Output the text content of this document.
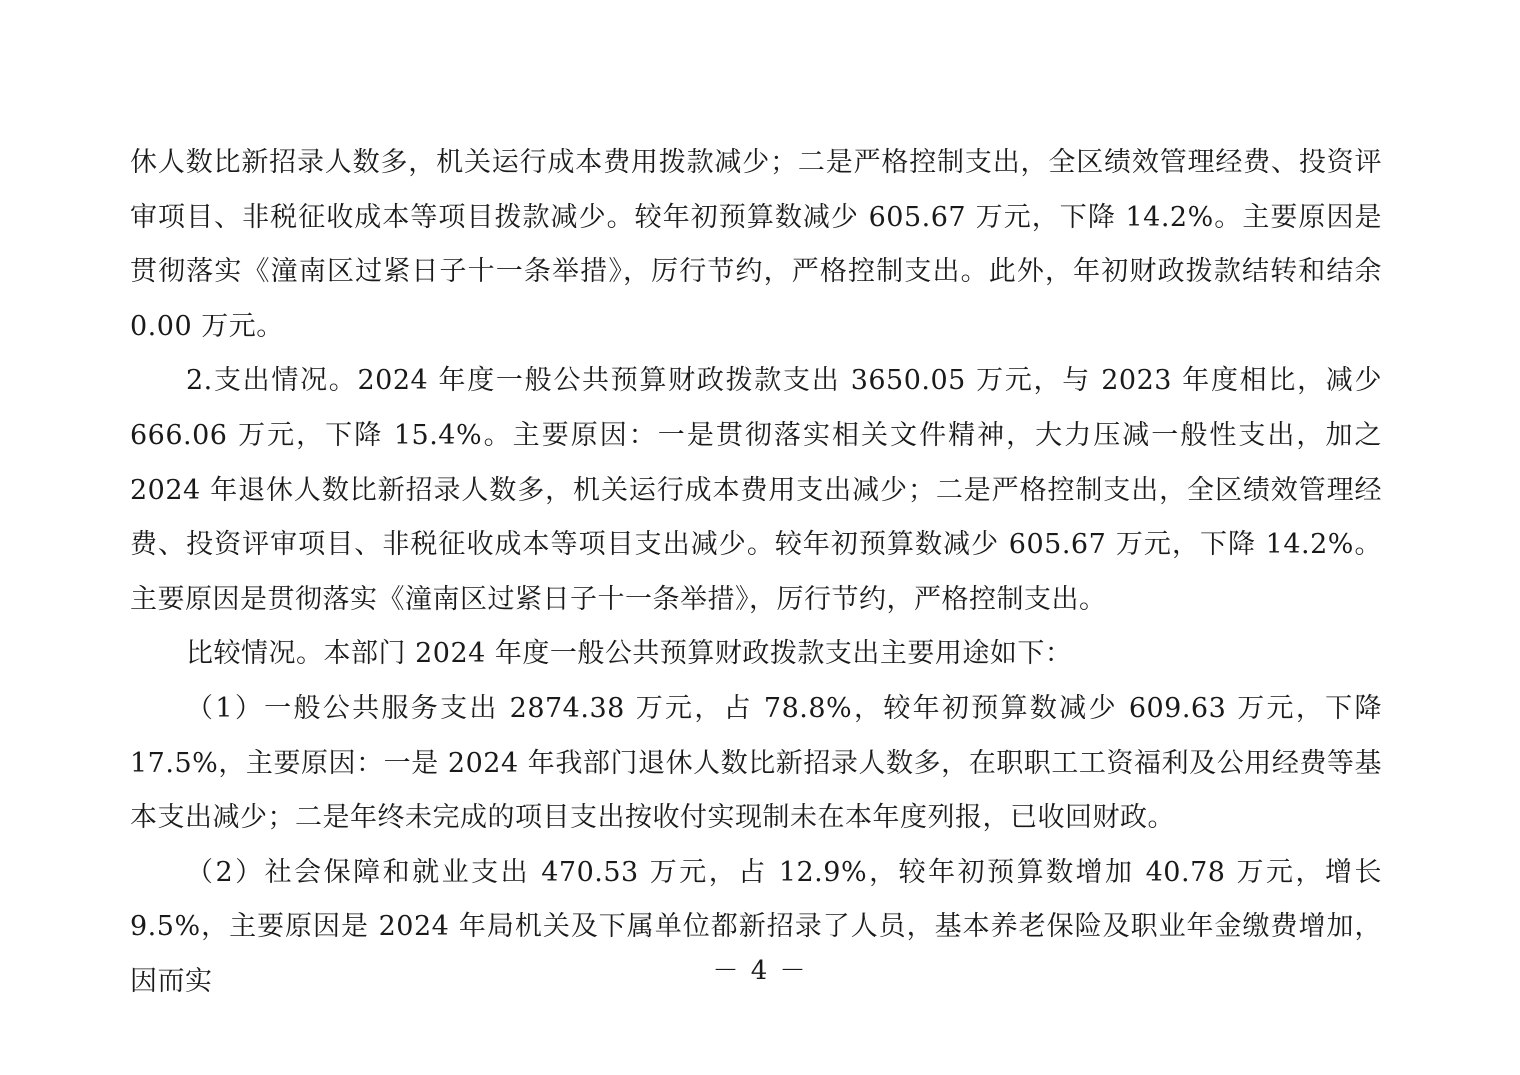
休人数比新招录人数多，机关运行成本费用拨款减少；二是严格控制支出，全区绩效管理经费、投资评审项目、非税征收成本等项目拨款减少。较年初预算数减少 605.67 万元，下降 14.2%。主要原因是贯彻落实《潼南区过紧日子十一条举措》，厉行节约，严格控制支出。此外，年初财政拨款结转和结余 0.00 万元。

2.支出情况。2024 年度一般公共预算财政拨款支出 3650.05 万元，与 2023 年度相比，减少 666.06 万元，下降 15.4%。主要原因：一是贯彻落实相关文件精神，大力压减一般性支出，加之 2024 年退休人数比新招录人数多，机关运行成本费用支出减少；二是严格控制支出，全区绩效管理经费、投资评审项目、非税征收成本等项目支出减少。较年初预算数减少 605.67 万元，下降 14.2%。主要原因是贯彻落实《潼南区过紧日子十一条举措》，厉行节约，严格控制支出。

比较情况。本部门 2024 年度一般公共预算财政拨款支出主要用途如下：

（1）一般公共服务支出 2874.38 万元，占 78.8%，较年初预算数减少 609.63 万元，下降 17.5%，主要原因：一是 2024 年我部门退休人数比新招录人数多，在职职工工资福利及公用经费等基本支出减少；二是年终未完成的项目支出按收付实现制未在本年度列报，已收回财政。

（2）社会保障和就业支出 470.53 万元，占 12.9%，较年初预算数增加 40.78 万元，增长 9.5%，主要原因是 2024 年局机关及下属单位都新招录了人员，基本养老保险及职业年金缴费增加，因而实	－ 4 －
